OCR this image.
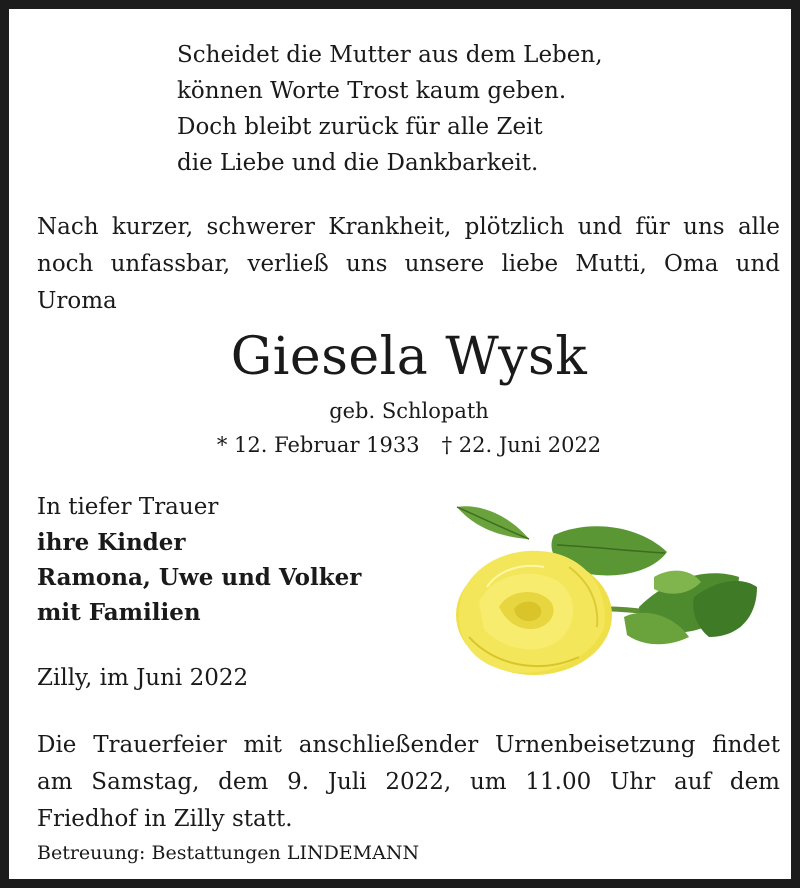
Scheidet die Mutter aus dem Leben,
können Worte Trost kaum geben.
Doch bleibt zurück für alle Zeit
die Liebe und die Dankbarkeit.
Nach kurzer, schwerer Krankheit, plötzlich und für uns alle
noch unfassbar, verließ uns unsere liebe Mutti, Oma und
Uroma
Giesela Wysk
geb. Schlopath
* 12. Februar 1933 † 22. Juni 2022
In tiefer Trauer
ihre Kinder
Ramona, Uwe und Volker
mit Familien
Zilly, im Juni 2022
Die Trauerfeier mit anschließender Urnenbeisetzung findet
am Samstag, dem 9. Juli 2022, um 11.00 Uhr auf dem
Friedhof in Zilly statt.
Betreuung: Bestattungen LINDEMANN
